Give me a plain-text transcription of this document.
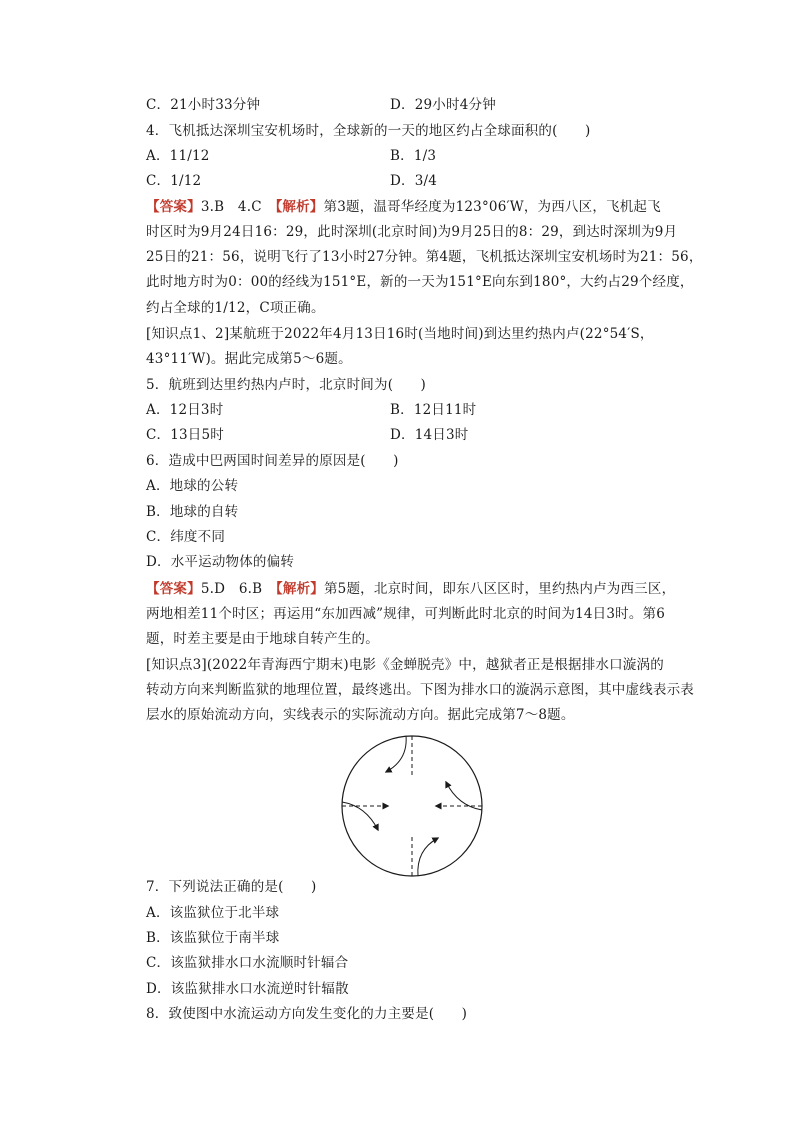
C．21小时33分钟	D．29小时4分钟
4．飞机抵达深圳宝安机场时，全球新的一天的地区约占全球面积的(　　)
A．11/12	B．1/3
C．1/12	D．3/4
【答案】3.B　4.C　【解析】第3题，温哥华经度为123°06′W，为西八区，飞机起飞
时区时为9月24日16：29，此时深圳(北京时间)为9月25日的8：29，到达时深圳为9月
25日的21：56，说明飞行了13小时27分钟。第4题，飞机抵达深圳宝安机场时为21：56，
此时地方时为0：00的经线为151°E，新的一天为151°E向东到180°，大约占29个经度，
约占全球的1/12，C项正确。
[知识点1、2]某航班于2022年4月13日16时(当地时间)到达里约热内卢(22°54′S，
43°11′W)。据此完成第5～6题。
5．航班到达里约热内卢时，北京时间为(　　)
A．12日3时	B．12日11时
C．13日5时	D．14日3时
6．造成中巴两国时间差异的原因是(　　)
A．地球的公转
B．地球的自转
C．纬度不同
D．水平运动物体的偏转
【答案】5.D　6.B　【解析】第5题，北京时间，即东八区区时，里约热内卢为西三区，
两地相差11个时区；再运用“东加西减”规律，可判断此时北京的时间为14日3时。第6
题，时差主要是由于地球自转产生的。
[知识点3](2022年青海西宁期末)电影《金蝉脱壳》中，越狱者正是根据排水口漩涡的
转动方向来判断监狱的地理位置，最终逃出。下图为排水口的漩涡示意图，其中虚线表示表
层水的原始流动方向，实线表示的实际流动方向。据此完成第7～8题。
7．下列说法正确的是(　　)
A．该监狱位于北半球
B．该监狱位于南半球
C．该监狱排水口水流顺时针辐合
D．该监狱排水口水流逆时针辐散
8．致使图中水流运动方向发生变化的力主要是(　　)
